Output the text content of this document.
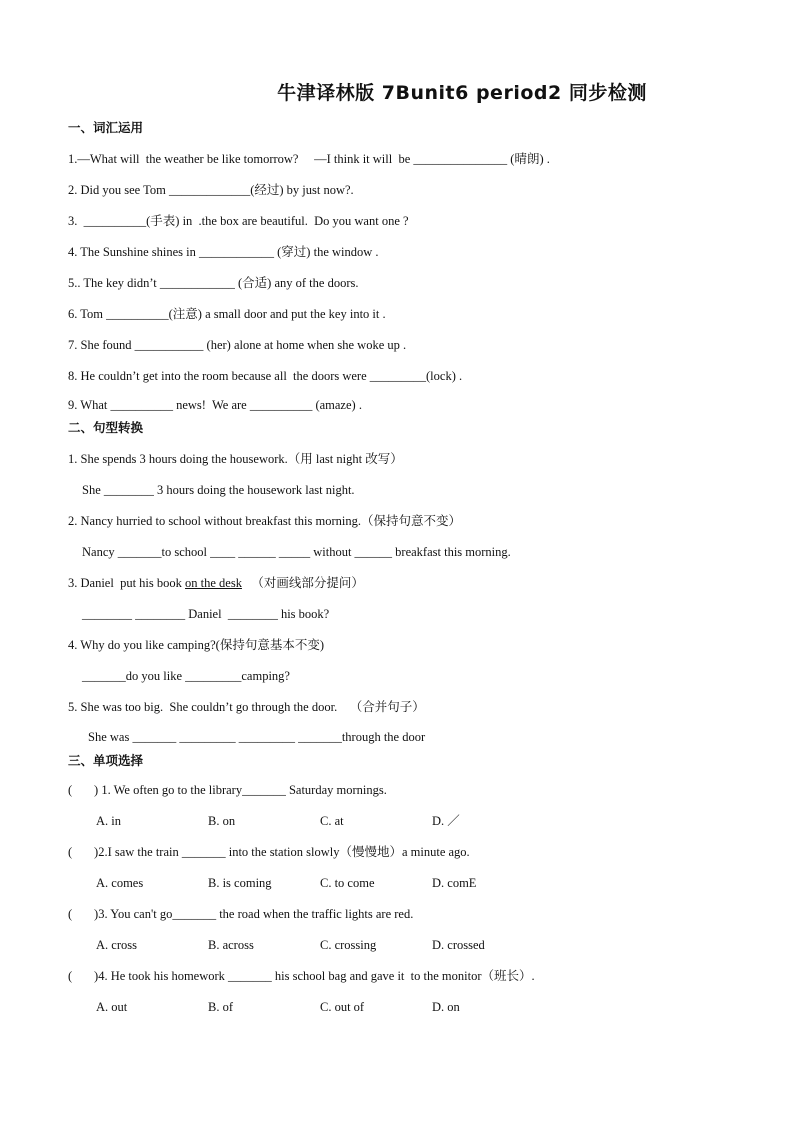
牛津译林版 7Bunit6 period2 同步检测
一、词汇运用
1.—What will  the weather be like tomorrow?     —I think it will  be _______________ (晴朗) .
2. Did you see Tom _____________(经过) by just now?.
3.  __________(手表) in  .the box are beautiful.  Do you want one ?
4. The Sunshine shines in ____________ (穿过) the window .
5.. The key didn’t ____________ (合适) any of the doors.
6. Tom __________(注意) a small door and put the key into it .
7. She found ___________ (her) alone at home when she woke up .
8. He couldn’t get into the room because all  the doors were _________(lock) .
9. What __________ news!  We are __________ (amaze) .
二、句型转换
1. She spends 3 hours doing the housework.（用 last night 改写）
She ________ 3 hours doing the housework last night.
2. Nancy hurried to school without breakfast this morning.（保持句意不变）
Nancy _______to school ____ ______ _____ without ______ breakfast this morning.
3. Daniel  put his book on the desk   （对画线部分提问）
________ ________ Daniel  ________ his book?
4. Why do you like camping?(保持句意基本不变)
_______do you like _________camping?
5. She was too big.  She couldn’t go through the door.    （合并句子）
She was _______ _________ _________ _______through the door
三、单项选择
(       ) 1. We often go to the library_______ Saturday mornings.
A. in	B. on	C. at	D. ／
(       )2.I saw the train _______ into the station slowly（慢慢地）a minute ago.
A. comes	B. is coming	C. to come	D. comE
(       )3. You can't go_______ the road when the traffic lights are red.
A. cross	B. across	C. crossing	D. crossed
(       )4. He took his homework _______ his school bag and gave it  to the monitor（班长）.
A. out	B. of	C. out of	D. on
